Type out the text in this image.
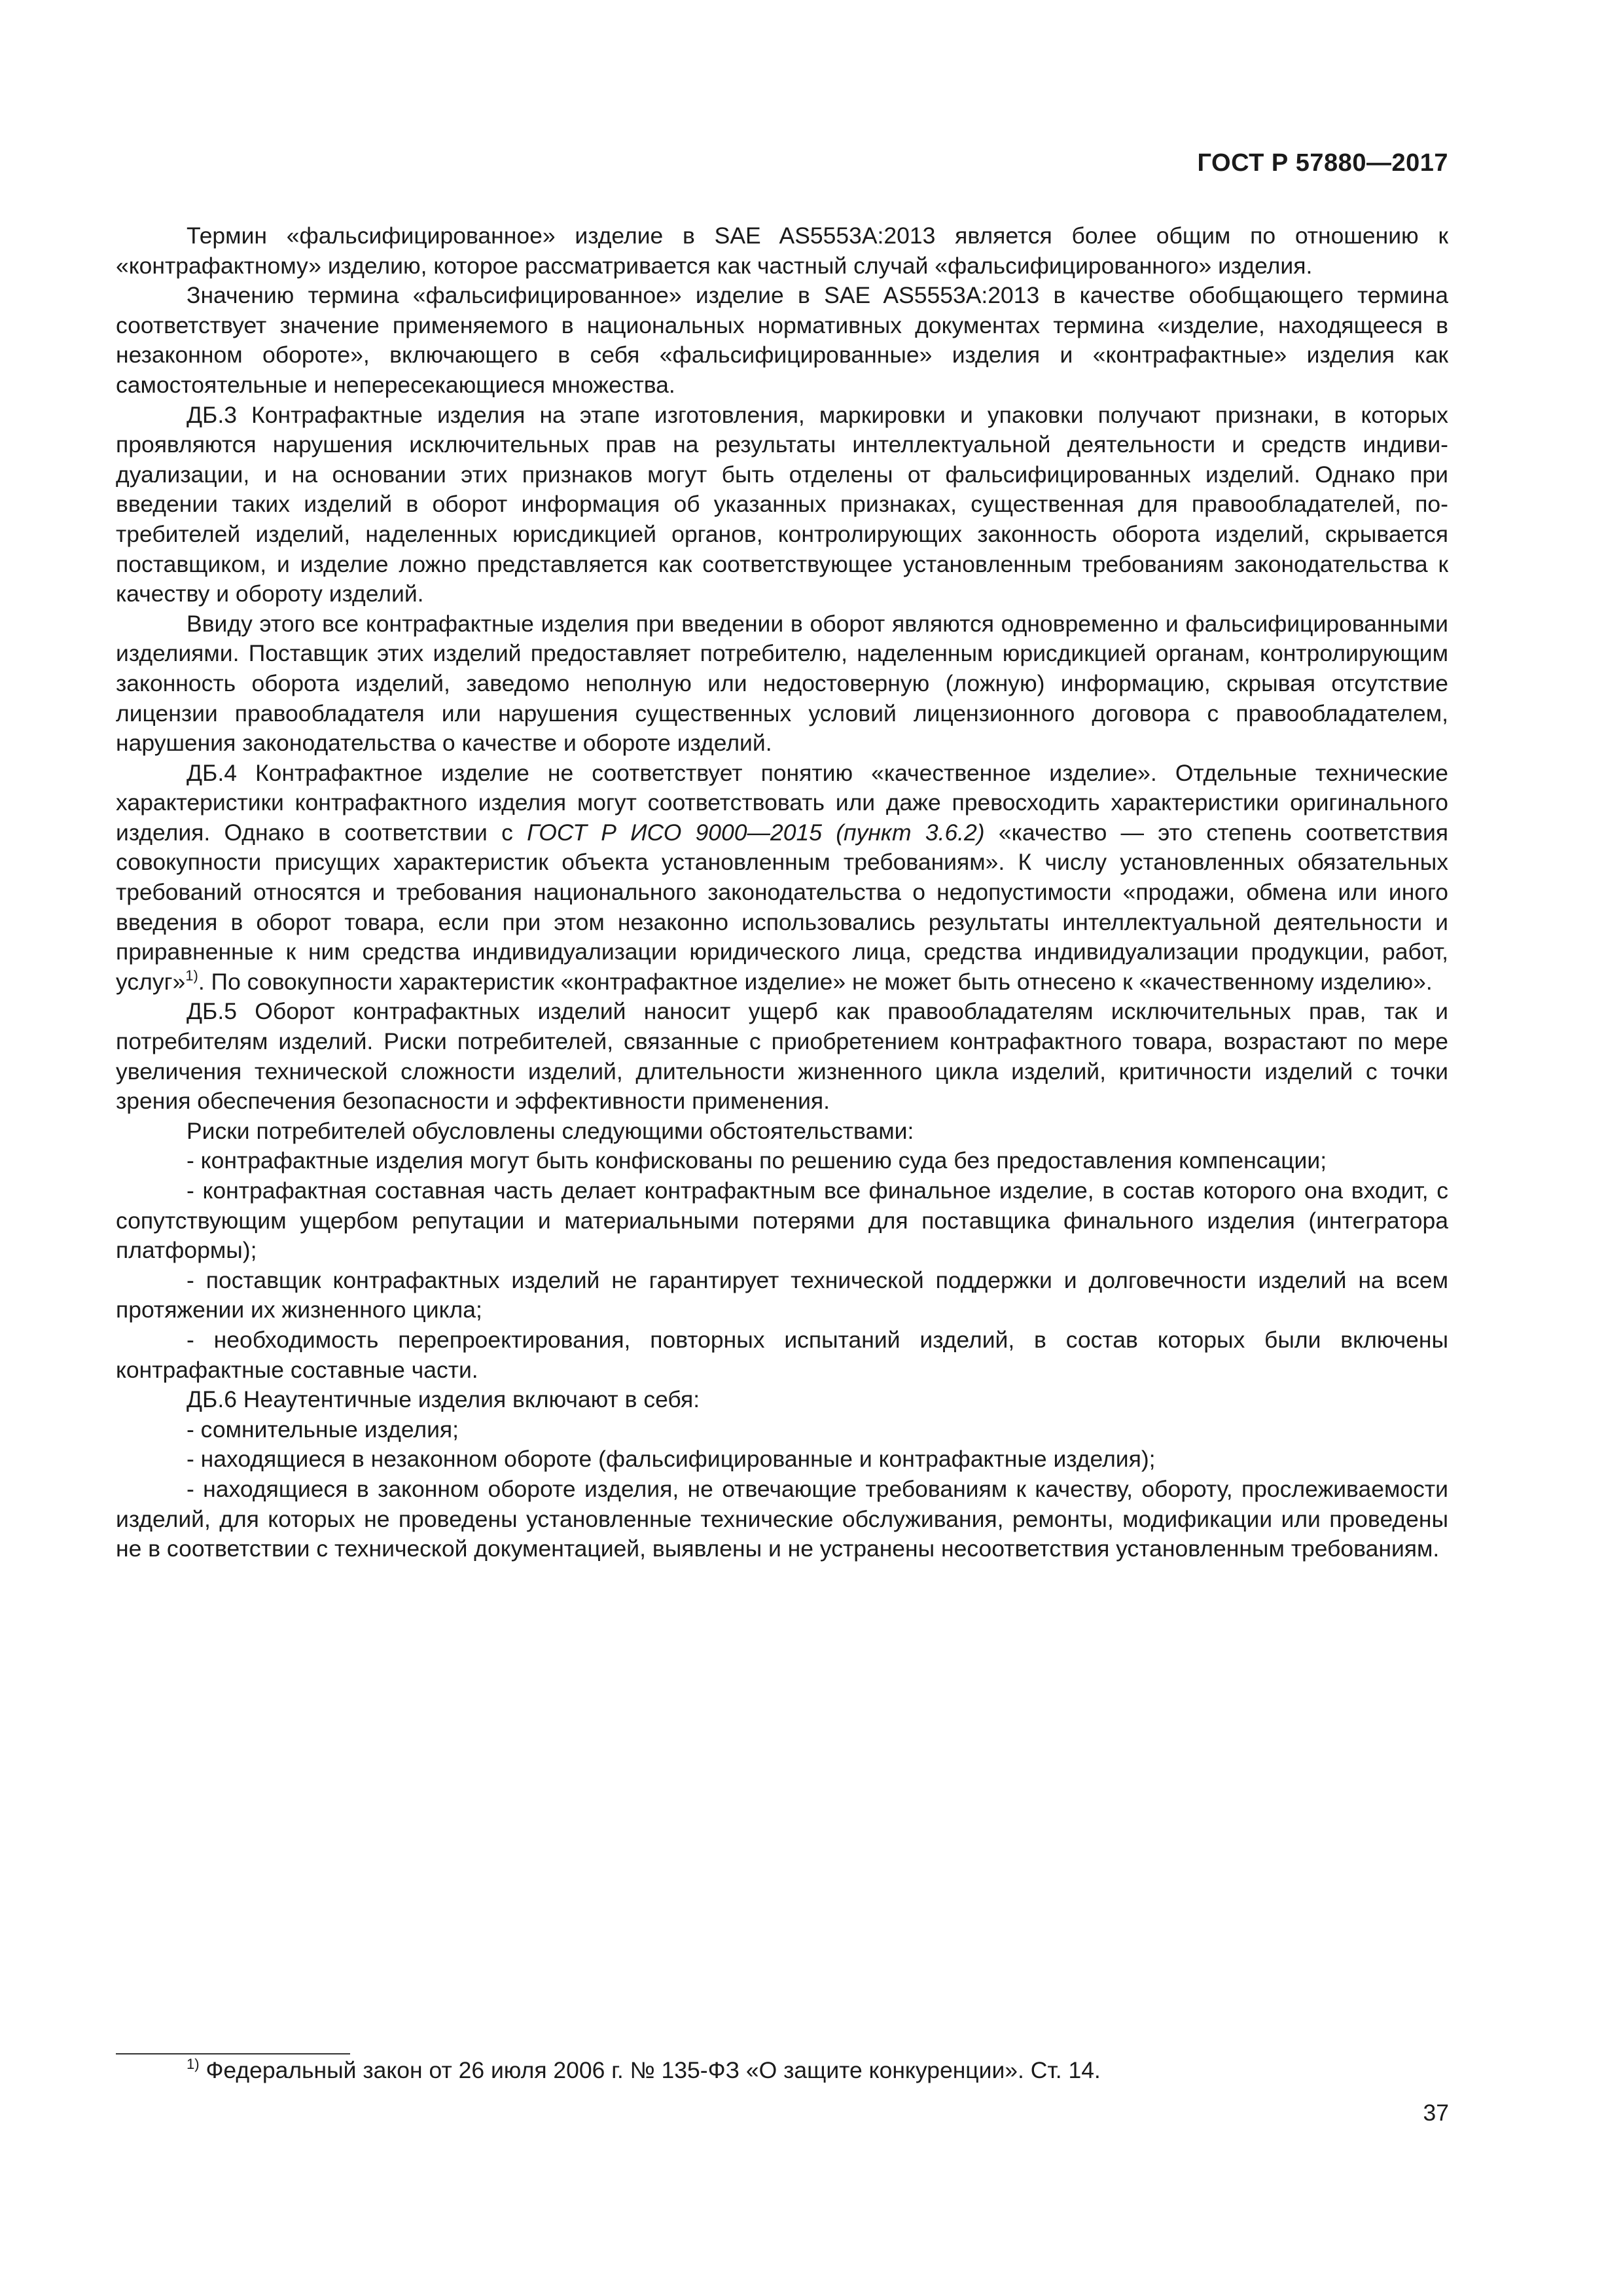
ГОСТ Р 57880—2017

Термин «фальсифицированное» изделие в SAE AS5553A:2013 является более общим по отношению к «контрафактному» изделию, которое рассматривается как частный случай «фальсифицированного» изделия.

Значению термина «фальсифицированное» изделие в SAE AS5553A:2013 в качестве обобщающего термина соответствует значение применяемого в национальных нормативных документах термина «изделие, находящееся в незаконном обороте», включающего в себя «фальсифицированные» изделия и «контрафактные» изделия как самостоятельные и непересекающиеся множества.

ДБ.3 Контрафактные изделия на этапе изготовления, маркировки и упаковки получают признаки, в которых проявляются нарушения исключительных прав на результаты интеллектуальной деятельности и средств индивидуализации, и на основании этих признаков могут быть отделены от фальсифицированных изделий. Однако при введении таких изделий в оборот информация об указанных признаках, существенная для правообладателей, потребителей изделий, наделенных юрисдикцией органов, контролирующих законность оборота изделий, скрывается поставщиком, и изделие ложно представляется как соответствующее установленным требованиям законодательства к качеству и обороту изделий.

Ввиду этого все контрафактные изделия при введении в оборот являются одновременно и фальсифицированными изделиями. Поставщик этих изделий предоставляет потребителю, наделенным юрисдикцией органам, контролирующим законность оборота изделий, заведомо неполную или недостоверную (ложную) информацию, скрывая отсутствие лицензии правообладателя или нарушения существенных условий лицензионного договора с правообладателем, нарушения законодательства о качестве и обороте изделий.

ДБ.4 Контрафактное изделие не соответствует понятию «качественное изделие». Отдельные технические характеристики контрафактного изделия могут соответствовать или даже превосходить характеристики оригинального изделия. Однако в соответствии с ГОСТ Р ИСО 9000—2015 (пункт 3.6.2) «качество — это степень соответствия совокупности присущих характеристик объекта установленным требованиям». К числу установленных обязательных требований относятся и требования национального законодательства о недопустимости «продажи, обмена или иного введения в оборот товара, если при этом незаконно использовались результаты интеллектуальной деятельности и приравненные к ним средства индивидуализации юридического лица, средства индивидуализации продукции, работ, услуг»$^{1)}$. По совокупности характеристик «контрафактное изделие» не может быть отнесено к «качественному изделию».

ДБ.5 Оборот контрафактных изделий наносит ущерб как правообладателям исключительных прав, так и потребителям изделий. Риски потребителей, связанные с приобретением контрафактного товара, возрастают по мере увеличения технической сложности изделий, длительности жизненного цикла изделий, критичности изделий с точки зрения обеспечения безопасности и эффективности применения.

Риски потребителей обусловлены следующими обстоятельствами:

- контрафактные изделия могут быть конфискованы по решению суда без предоставления компенсации;

- контрафактная составная часть делает контрафактным все финальное изделие, в состав которого она входит, с сопутствующим ущербом репутации и материальными потерями для поставщика финального изделия (интегратора платформы);

- поставщик контрафактных изделий не гарантирует технической поддержки и долговечности изделий на всем протяжении их жизненного цикла;

- необходимость перепроектирования, повторных испытаний изделий, в состав которых были включены контрафактные составные части.

ДБ.6 Неаутентичные изделия включают в себя:

- сомнительные изделия;

- находящиеся в незаконном обороте (фальсифицированные и контрафактные изделия);

- находящиеся в законном обороте изделия, не отвечающие требованиям к качеству, обороту, прослеживаемости изделий, для которых не проведены установленные технические обслуживания, ремонты, модификации или проведены не в соответствии с технической документацией, выявлены и не устранены несоответствия установленным требованиям.

$^{1)}$ Федеральный закон от 26 июля 2006 г. № 135-ФЗ «О защите конкуренции». Ст. 14.
37
